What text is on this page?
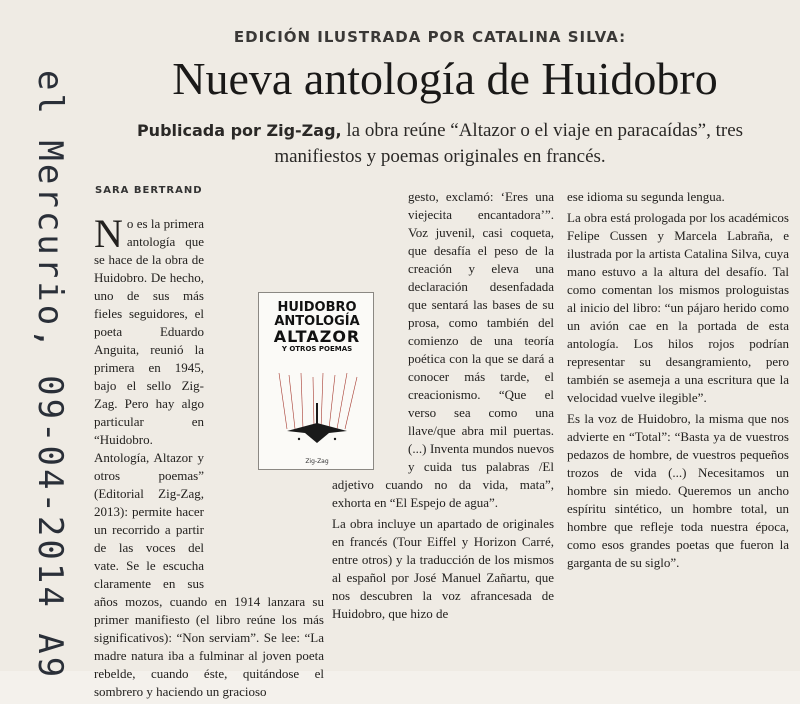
el Mercurio, 09-04-2014 A9
EDICIÓN ILUSTRADA POR CATALINA SILVA:
Nueva antología de Huidobro
Publicada por Zig-Zag, la obra reúne “Altazor o el viaje en paracaídas”, tres manifiestos y poemas originales en francés.
SARA BERTRAND

No es la primera antología que se hace de la obra de Huidobro. De hecho, uno de sus más fieles seguidores, el poeta Eduardo Anguita, reunió la primera en 1945, bajo el sello Zig-Zag. Pero hay algo particular en “Huidobro. Antología, Altazor y otros poemas” (Editorial Zig-Zag, 2013): permite hacer un recorrido a partir de las voces del vate. Se le escucha claramente en sus años mozos, cuando en 1914 lanzara su primer manifiesto (el libro reúne los más significativos): “Non serviam”. Se lee: “La madre natura iba a fulminar al joven poeta rebelde, cuando éste, quitándose el sombrero y haciendo un gracioso

gesto, exclamó: ‘Eres una viejecita encantadora’”. Voz juvenil, casi coqueta, que desafía el peso de la creación y eleva una declaración desenfadada que sentará las bases de su prosa, como también del comienzo de una teoría poética con la que se dará a conocer más tarde, el creacionismo. “Que el verso sea como una llave/que abra mil puertas. (...) Inventa mundos nuevos y cuida tus palabras /El adjetivo cuando no da vida, mata”, exhorta en “El Espejo de agua”.

La obra incluye un apartado de originales en francés (Tour Eiffel y Horizon Carré, entre otros) y la traducción de los mismos al español por José Manuel Zañartu, que nos descubren la voz afrancesada de Huidobro, que hizo de

ese idioma su segunda lengua.

La obra está prologada por los académicos Felipe Cussen y Marcela Labraña, e ilustrada por la artista Catalina Silva, cuya mano estuvo a la altura del desafío. Tal como comentan los mismos prologuistas al inicio del libro: “un pájaro herido como un avión cae en la portada de esta antología. Los hilos rojos podrían representar su desangramiento, pero también se asemeja a una escritura que la velocidad vuelve ilegible”.

Es la voz de Huidobro, la misma que nos advierte en “Total”: “Basta ya de vuestros pedazos de hombre, de vuestros pequeños trozos de vida (...) Necesitamos un hombre sin miedo. Queremos un ancho espíritu sintético, un hombre total, un hombre que refleje toda nuestra época, como esos grandes poetas que fueron la garganta de su siglo”.

HUIDOBRO
ANTOLOGÍA
ALTAZOR
Y OTROS POEMAS
Zig-Zag
